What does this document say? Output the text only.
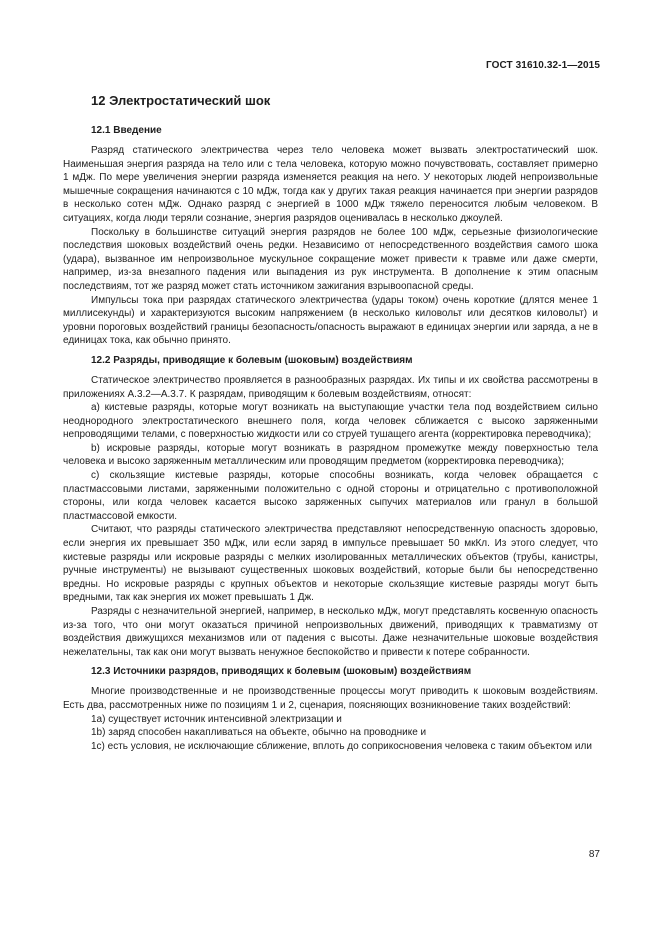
ГОСТ 31610.32-1—2015
12 Электростатический шок
12.1 Введение

Разряд статического электричества через тело человека может вызвать электростатический шок. Наименьшая энергия разряда на тело или с тела человека, которую можно почувствовать, составляет примерно 1 мДж. По мере увеличения энергии разряда изменяется реакция на него. У некоторых людей непроизвольные мышечные сокращения начинаются с 10 мДж, тогда как у других такая реакция начинается при энергии разрядов в несколько сотен мДж. Однако разряд с энергией в 1000 мДж тяжело переносится любым человеком. В ситуациях, когда люди теряли сознание, энергия разрядов оценивалась в несколько джоулей.

Поскольку в большинстве ситуаций энергия разрядов не более 100 мДж, серьезные физиологические последствия шоковых воздействий очень редки. Независимо от непосредственного воздействия самого шока (удара), вызванное им непроизвольное мускульное сокращение может привести к травме или даже смерти, например, из-за внезапного падения или выпадения из рук инструмента. В дополнение к этим опасным последствиям, тот же разряд может стать источником зажигания взрывоопасной среды.

Импульсы тока при разрядах статического электричества (удары током) очень короткие (длятся менее 1 миллисекунды) и характеризуются высоким напряжением (в несколько киловольт или десятков киловольт) и уровни пороговых воздействий границы безопасность/опасность выражают в единицах энергии или заряда, а не в единицах тока, как обычно принято.

12.2 Разряды, приводящие к болевым (шоковым) воздействиям

Статическое электричество проявляется в разнообразных разрядах. Их типы и их свойства рассмотрены в приложениях А.3.2—А.3.7. К разрядам, приводящим к болевым воздействиям, относят:

a) кистевые разряды, которые могут возникать на выступающие участки тела под воздействием сильно неоднородного электростатического внешнего поля, когда человек сближается с высоко заряженными непроводящими телами, с поверхностью жидкости или со струей тушащего агента (корректировка переводчика);

b) искровые разряды, которые могут возникать в разрядном промежутке между поверхностью тела человека и высоко заряженным металлическим или проводящим предметом (корректировка переводчика);

c) скользящие кистевые разряды, которые способны возникать, когда человек обращается с пластмассовыми листами, заряженными положительно с одной стороны и отрицательно с противоположной стороны, или когда человек касается высоко заряженных сыпучих материалов или гранул в большой пластмассовой емкости.

Считают, что разряды статического электричества представляют непосредственную опасность здоровью, если энергия их превышает 350 мДж, или если заряд в импульсе превышает 50 мкКл. Из этого следует, что кистевые разряды или искровые разряды с мелких изолированных металлических объектов (трубы, канистры, ручные инструменты) не вызывают существенных шоковых воздействий, которые были бы непосредственно вредны. Но искровые разряды с крупных объектов и некоторые скользящие кистевые разряды могут быть вредными, так как энергия их может превышать 1 Дж.

Разряды с незначительной энергией, например, в несколько мДж, могут представлять косвенную опасность из-за того, что они могут оказаться причиной непроизвольных движений, приводящих к травматизму от воздействия движущихся механизмов или от падения с высоты. Даже незначительные шоковые воздействия нежелательны, так как они могут вызвать ненужное беспокойство и привести к потере собранности.

12.3 Источники разрядов, приводящих к болевым (шоковым) воздействиям

Многие производственные и не производственные процессы могут приводить к шоковым воздействиям. Есть два, рассмотренных ниже по позициям 1 и 2, сценария, поясняющих возникновение таких воздействий:

1а) существует источник интенсивной электризации и

1b) заряд способен накапливаться на объекте, обычно на проводнике и

1c) есть условия, не исключающие сближение, вплоть до соприкосновения человека с таким объектом или

87
